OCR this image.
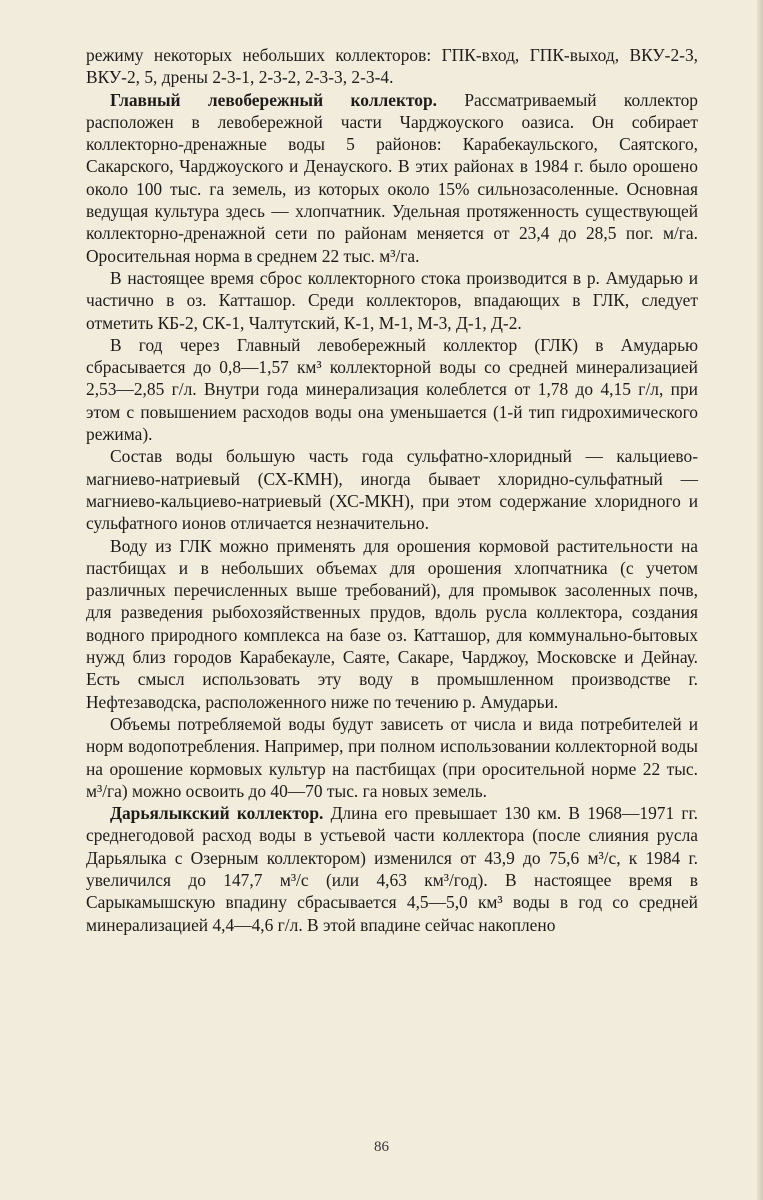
режиму некоторых небольших коллекторов: ГПК-вход, ГПК-выход, ВКУ-2-3, ВКУ-2, 5, дрены 2-3-1, 2-3-2, 2-3-3, 2-3-4.

Главный левобережный коллектор. Рассматриваемый коллектор расположен в левобережной части Чарджоуского оазиса. Он собирает коллекторно-дренажные воды 5 районов: Карабекаульского, Саятского, Сакарского, Чарджоуского и Денауского. В этих районах в 1984 г. было орошено около 100 тыс. га земель, из которых около 15% сильнозасоленные. Основная ведущая культура здесь — хлопчатник. Удельная протяженность существующей коллекторно-дренажной сети по районам меняется от 23,4 до 28,5 пог. м/га. Оросительная норма в среднем 22 тыс. м³/га.

В настоящее время сброс коллекторного стока производится в р. Амударью и частично в оз. Катташор. Среди коллекторов, впадающих в ГЛК, следует отметить КБ-2, СК-1, Чалтутский, К-1, М-1, М-3, Д-1, Д-2.

В год через Главный левобережный коллектор (ГЛК) в Амударью сбрасывается до 0,8—1,57 км³ коллекторной воды со средней минерализацией 2,53—2,85 г/л. Внутри года минерализация колеблется от 1,78 до 4,15 г/л, при этом с повышением расходов воды она уменьшается (1-й тип гидрохимического режима).

Состав воды большую часть года сульфатно-хлоридный — кальциево-магниево-натриевый (СХ-КМН), иногда бывает хлоридно-сульфатный — магниево-кальциево-натриевый (ХС-МКН), при этом содержание хлоридного и сульфатного ионов отличается незначительно.

Воду из ГЛК можно применять для орошения кормовой растительности на пастбищах и в небольших объемах для орошения хлопчатника (с учетом различных перечисленных выше требований), для промывок засоленных почв, для разведения рыбохозяйственных прудов, вдоль русла коллектора, создания водного природного комплекса на базе оз. Катташор, для коммунально-бытовых нужд близ городов Карабекауле, Саяте, Сакаре, Чарджоу, Московске и Дейнау. Есть смысл использовать эту воду в промышленном производстве г. Нефтезаводска, расположенного ниже по течению р. Амударьи.

Объемы потребляемой воды будут зависеть от числа и вида потребителей и норм водопотребления. Например, при полном использовании коллекторной воды на орошение кормовых культур на пастбищах (при оросительной норме 22 тыс. м³/га) можно освоить до 40—70 тыс. га новых земель.

Дарьялыкский коллектор. Длина его превышает 130 км. В 1968—1971 гг. среднегодовой расход воды в устьевой части коллектора (после слияния русла Дарьялыка с Озерным коллектором) изменился от 43,9 до 75,6 м³/с, к 1984 г. увеличился до 147,7 м³/с (или 4,63 км³/год). В настоящее время в Сарыкамышскую впадину сбрасывается 4,5—5,0 км³ воды в год со средней минерализацией 4,4—4,6 г/л. В этой впадине сейчас накоплено

86
